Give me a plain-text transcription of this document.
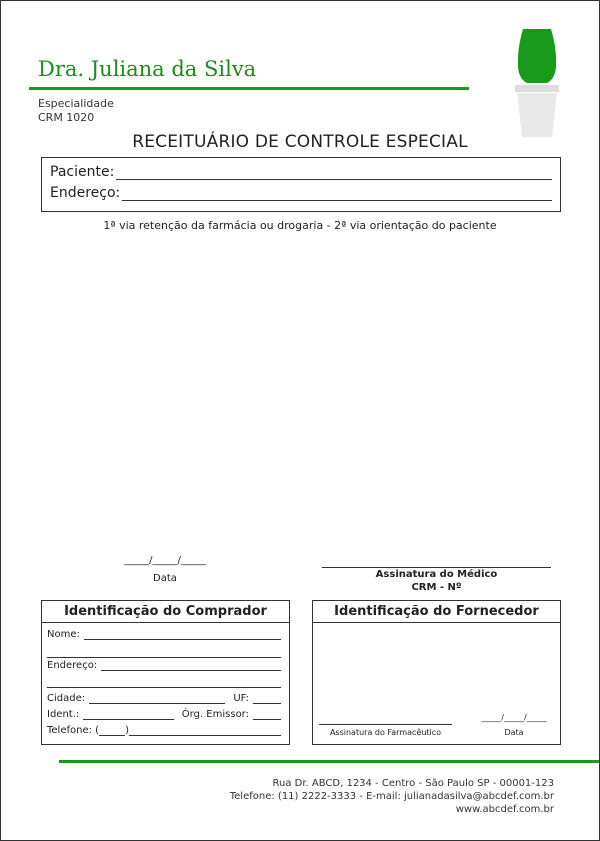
Dra. Juliana da Silva
Especialidade
CRM 1020
RECEITUÁRIO DE CONTROLE ESPECIAL
Paciente:
Endereço:
1ª via retenção da farmácia ou drogaria - 2ª via orientação do paciente
_____/_____/_____
Data	Assinatura do Médico
CRM - Nº
Identificação do Comprador
Nome:
Endereço:
Cidade:	UF:
Ident.:	Órg. Emissor:
Telefone: (	)
Identificação do Fornecedor
Assinatura do Farmacêutico
_____/_____/_____
Data
Rua Dr. ABCD, 1234 - Centro - São Paulo SP - 00001-123
Telefone: (11) 2222-3333 - E-mail: julianadasilva@abcdef.com.br
www.abcdef.com.br
